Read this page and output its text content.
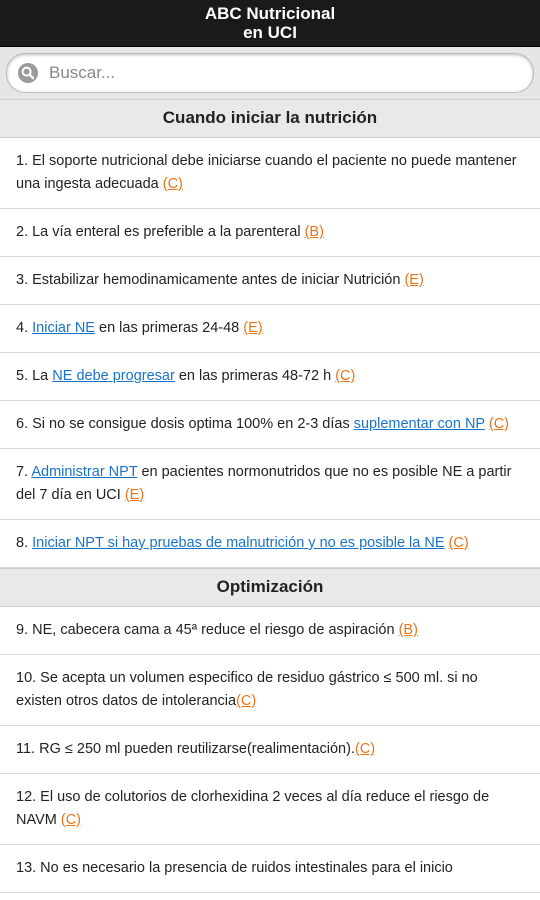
ABC Nutricional
en UCI
Buscar...
Cuando iniciar la nutrición
1. El soporte nutricional debe iniciarse cuando el paciente no puede mantener una ingesta adecuada (C)
2. La vía enteral es preferible a la parenteral (B)
3. Estabilizar hemodinamicamente antes de iniciar Nutrición (E)
4. Iniciar NE en las primeras 24-48 (E)
5. La NE debe progresar en las primeras 48-72 h (C)
6. Si no se consigue dosis optima 100% en 2-3 días suplementar con NP (C)
7. Administrar NPT en pacientes normonutridos que no es posible NE a partir del 7 día en UCI (E)
8. Iniciar NPT si hay pruebas de malnutrición y no es posible la NE (C)
Optimización
9. NE, cabecera cama a 45ª reduce el riesgo de aspiración (B)
10. Se acepta un volumen especifico de residuo gástrico ≤ 500 ml. si no existen otros datos de intolerancia(C)
11. RG ≤ 250 ml pueden reutilizarse(realimentación).(C)
12. El uso de colutorios de clorhexidina 2 veces al día reduce el riesgo de NAVM (C)
13. No es necesario la presencia de ruidos intestinales para el inicio
